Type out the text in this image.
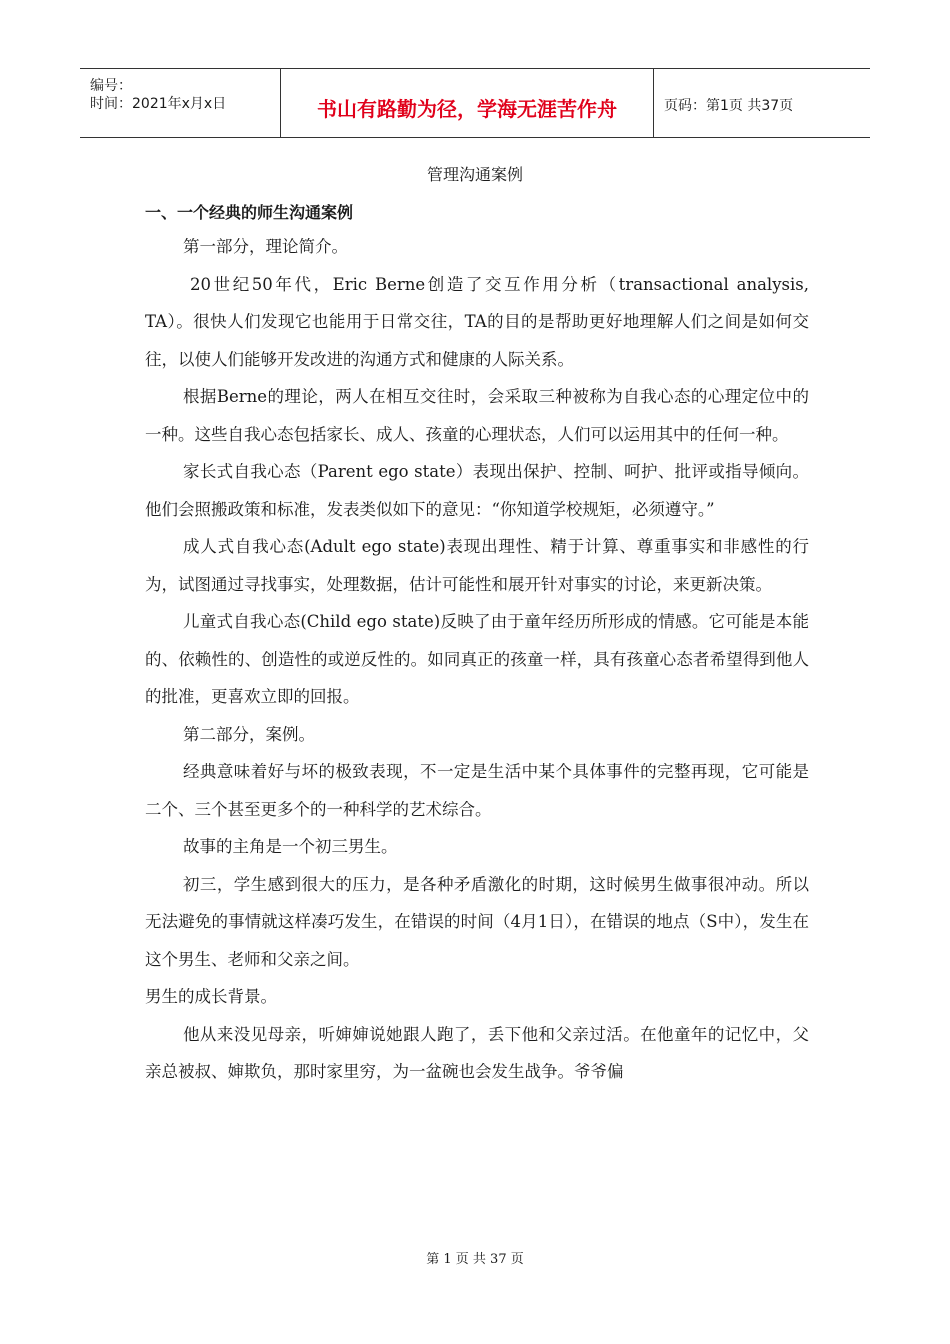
编号：
时间：2021年x月x日	书山有路勤为径，学海无涯苦作舟	页码：第1页 共37页
管理沟通案例
一、一个经典的师生沟通案例

第一部分，理论简介。

20世纪50年代，Eric Berne创造了交互作用分析（transactional analysis, TA）。很快人们发现它也能用于日常交往，TA的目的是帮助更好地理解人们之间是如何交往，以使人们能够开发改进的沟通方式和健康的人际关系。

根据Berne的理论，两人在相互交往时，会采取三种被称为自我心态的心理定位中的一种。这些自我心态包括家长、成人、孩童的心理状态，人们可以运用其中的任何一种。

家长式自我心态（Parent ego state）表现出保护、控制、呵护、批评或指导倾向。他们会照搬政策和标准，发表类似如下的意见：“你知道学校规矩，必须遵守。”

成人式自我心态(Adult ego state)表现出理性、精于计算、尊重事实和非感性的行为，试图通过寻找事实，处理数据，估计可能性和展开针对事实的讨论，来更新决策。

儿童式自我心态(Child ego state)反映了由于童年经历所形成的情感。它可能是本能的、依赖性的、创造性的或逆反性的。如同真正的孩童一样，具有孩童心态者希望得到他人的批准，更喜欢立即的回报。

第二部分，案例。

经典意味着好与坏的极致表现，不一定是生活中某个具体事件的完整再现，它可能是二个、三个甚至更多个的一种科学的艺术综合。

故事的主角是一个初三男生。

初三，学生感到很大的压力，是各种矛盾激化的时期，这时候男生做事很冲动。所以无法避免的事情就这样凑巧发生，在错误的时间（4月1日），在错误的地点（S中），发生在这个男生、老师和父亲之间。

男生的成长背景。

他从来没见母亲，听婶婶说她跟人跑了，丢下他和父亲过活。在他童年的记忆中，父亲总被叔、婶欺负，那时家里穷，为一盆碗也会发生战争。爷爷偏

第 1 页 共 37 页
